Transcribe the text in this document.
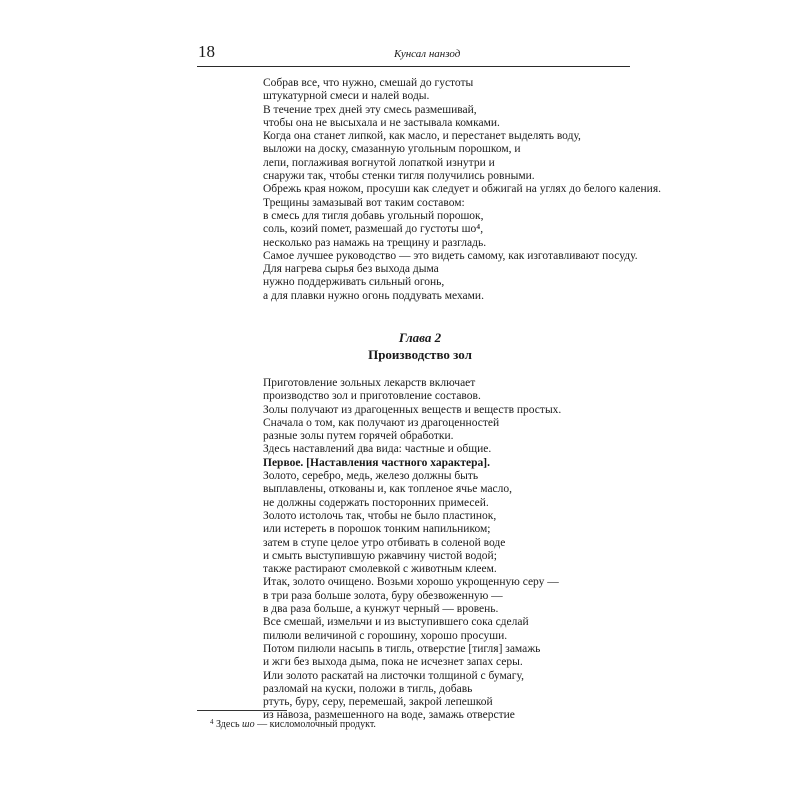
18	Кунсал нанзод
Собрав все, что нужно, смешай до густоты
штукатурной смеси и налей воды.
В течение трех дней эту смесь размешивай,
чтобы она не высыхала и не застывала комками.
Когда она станет липкой, как масло, и перестанет выделять воду,
выложи на доску, смазанную угольным порошком, и
лепи, поглаживая вогнутой лопаткой изнутри и
снаружи так, чтобы стенки тигля получились ровными.
Обрежь края ножом, просуши как следует и обжигай на углях до белого каления.
Трещины замазывай вот таким составом:
в смесь для тигля добавь угольный порошок,
соль, козий помет, размешай до густоты шо⁴,
несколько раз намажь на трещину и разгладь.
Самое лучшее руководство — это видеть самому, как изготавливают посуду.
Для нагрева сырья без выхода дыма
нужно поддерживать сильный огонь,
а для плавки нужно огонь поддувать мехами.
Глава 2
Производство зол
Приготовление зольных лекарств включает
производство зол и приготовление составов.
Золы получают из драгоценных веществ и веществ простых.
Сначала о том, как получают из драгоценностей
разные золы путем горячей обработки.
Здесь наставлений два вида: частные и общие.
Первое. [Наставления частного характера].
Золото, серебро, медь, железо должны быть
выплавлены, откованы и, как топленое ячье масло,
не должны содержать посторонних примесей.
Золото истолочь так, чтобы не было пластинок,
или истереть в порошок тонким напильником;
затем в ступе целое утро отбивать в соленой воде
и смыть выступившую ржавчину чистой водой;
также растирают смолевкой с животным клеем.
Итак, золото очищено. Возьми хорошо укрощенную серу —
в три раза больше золота, буру обезвоженную —
в два раза больше, а кунжут черный — вровень.
Все смешай, измельчи и из выступившего сока сделай
пилюли величиной с горошину, хорошо просуши.
Потом пилюли насыпь в тигль, отверстие [тигля] замажь
и жги без выхода дыма, пока не исчезнет запах серы.
Или золото раскатай на листочки толщиной с бумагу,
разломай на куски, положи в тигль, добавь
ртуть, буру, серу, перемешай, закрой лепешкой
из навоза, размешенного на воде, замажь отверстие
$^4$ Здесь шо — кисломолочный продукт.
